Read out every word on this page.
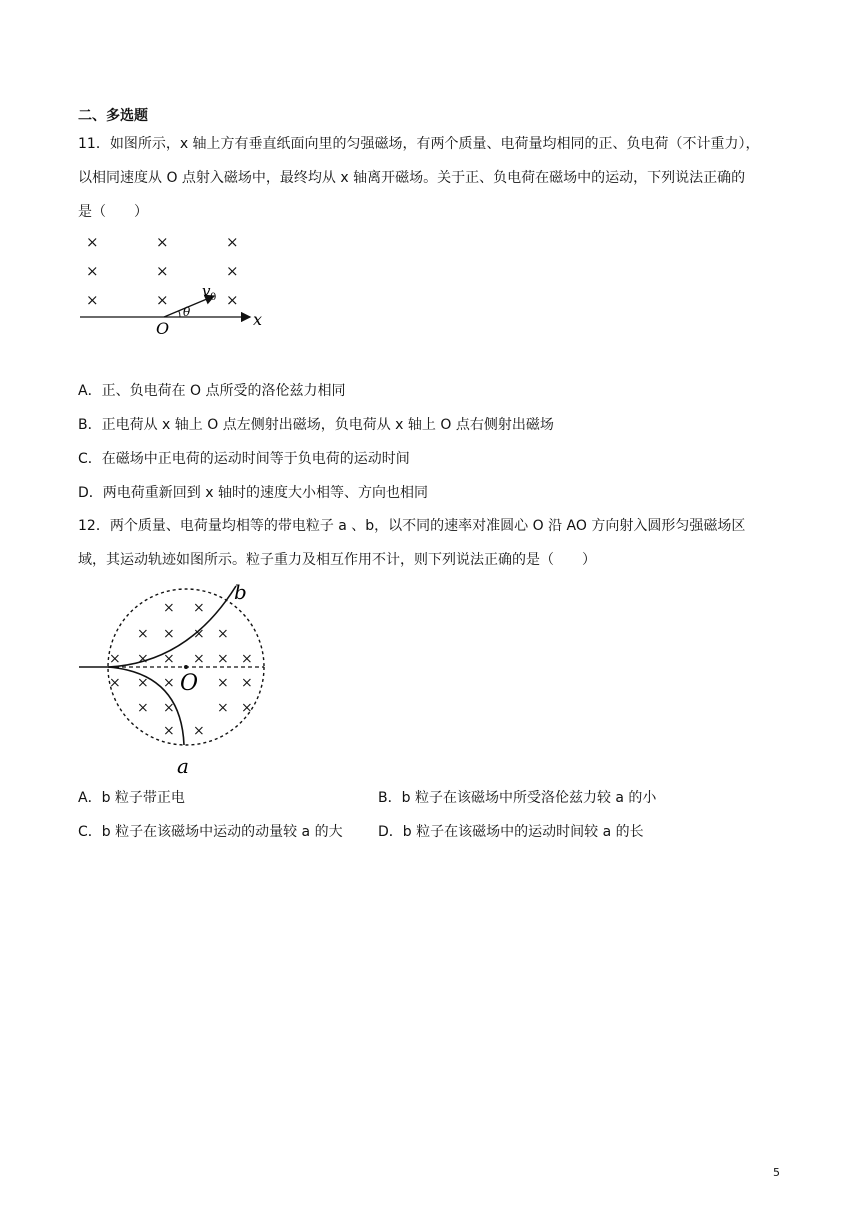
二、多选题
11．如图所示，x 轴上方有垂直纸面向里的匀强磁场，有两个质量、电荷量均相同的正、负电荷（不计重力），
以相同速度从 O 点射入磁场中，最终均从 x 轴离开磁场。关于正、负电荷在磁场中的运动，下列说法正确的
是（　　）
×	×	×
×	×	×
×	×	×
v 0
θ
O	x
A．正、负电荷在 O 点所受的洛伦兹力相同
B．正电荷从 x 轴上 O 点左侧射出磁场，负电荷从 x 轴上 O 点右侧射出磁场
C．在磁场中正电荷的运动时间等于负电荷的运动时间
D．两电荷重新回到 x 轴时的速度大小相等、方向也相同
12．两个质量、电荷量均相等的带电粒子 a 、b，以不同的速率对准圆心 O 沿 AO 方向射入圆形匀强磁场区
域，其运动轨迹如图所示。粒子重力及相互作用不计，则下列说法正确的是（　　）
× ×
× × × ×
× × × × × ×
× × ×	× ×
× ×	× ×
× ×
b
O
a
A．b 粒子带正电	B．b 粒子在该磁场中所受洛伦兹力较 a 的小
C．b 粒子在该磁场中运动的动量较 a 的大	D．b 粒子在该磁场中的运动时间较 a 的长
5
